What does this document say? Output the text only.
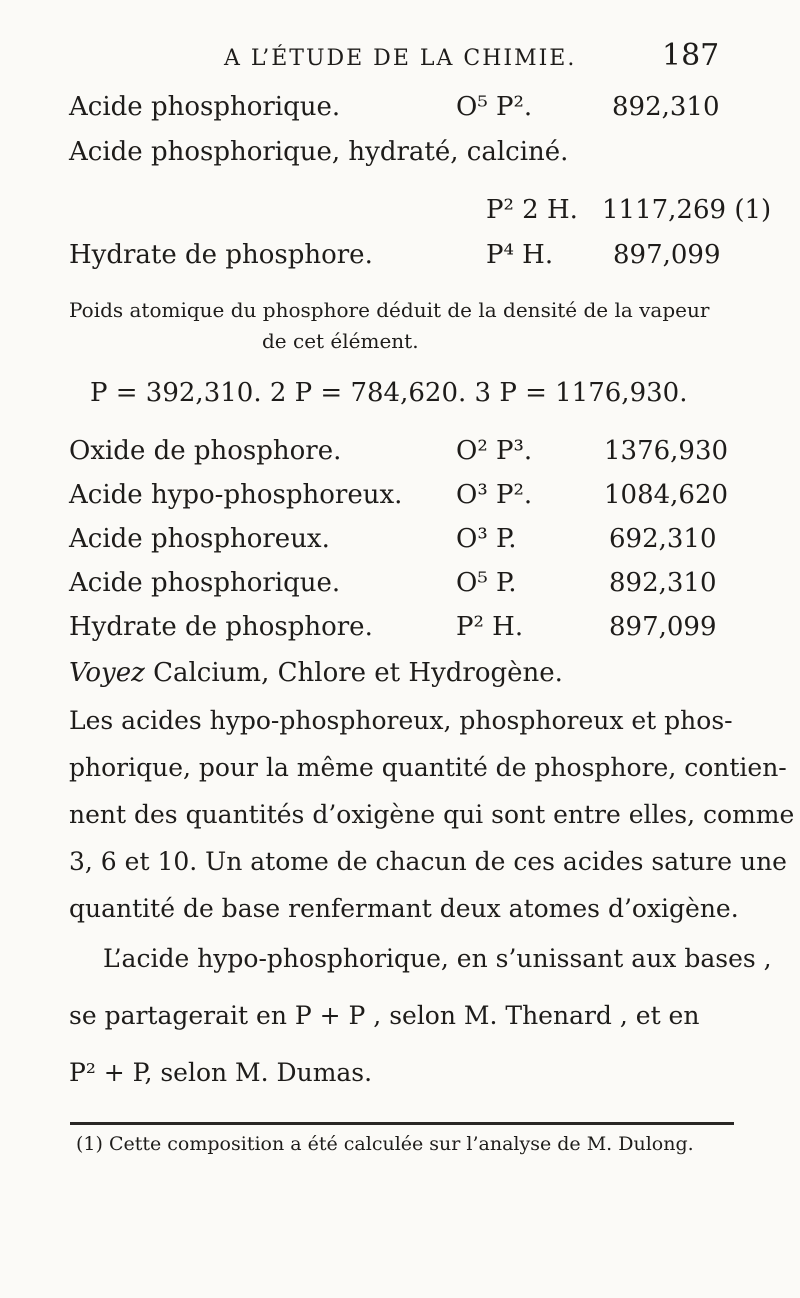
A L’ÉTUDE DE LA CHIMIE.	187
Acide phosphorique.	O⁵ P².	892,310
Acide phosphorique, hydraté, calciné.
P² 2 H. 1117,269 (1)
Hydrate de phosphore.	P⁴ H. 897,099
Poids atomique du phosphore déduit de la densité de la vapeur
de cet élément.
P = 392,310. 2 P = 784,620. 3 P = 1176,930.
Oxide de phosphore.	O² P³.	1376,930
Acide hypo-phosphoreux. O³ P².	1084,620
Acide phosphoreux.	O³ P.	692,310
Acide phosphorique.	O⁵ P.	892,310
Hydrate de phosphore.	P² H.	897,099
Voyez Calcium, Chlore et Hydrogène.
Les acides hypo-phosphoreux, phosphoreux et phos-
phorique, pour la même quantité de phosphore, contien-
nent des quantités d’oxigène qui sont entre elles, comme
3, 6 et 10. Un atome de chacun de ces acides sature une
quantité de base renfermant deux atomes d’oxigène.
L’acide hypo-phosphorique, en s’unissant aux bases ,
se partagerait en P + P , selon M. Thenard , et en
P² + P, selon M. Dumas.
(1) Cette composition a été calculée sur l’analyse de M. Dulong.
